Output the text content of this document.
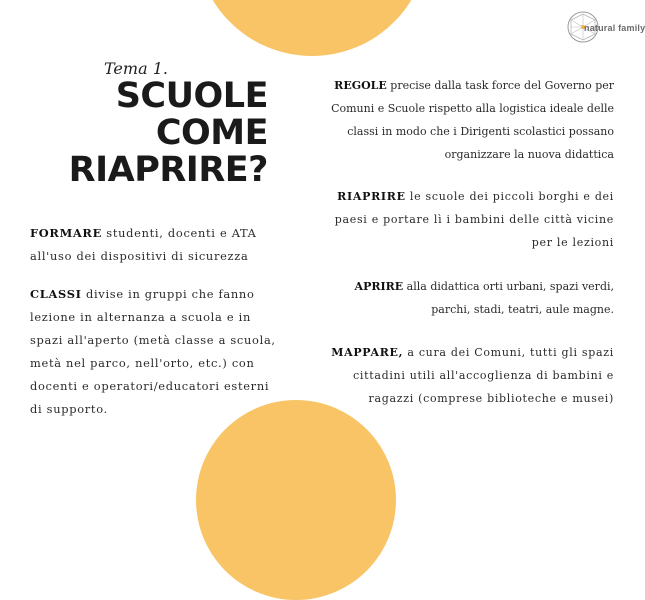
natural family
Tema 1.
SCUOLE
COME
RIAPRIRE?
FORMARE studenti, docenti e ATA all'uso dei dispositivi di sicurezza
CLASSI divise in gruppi che fanno lezione in alternanza a scuola e in spazi all'aperto (metà classe a scuola, metà nel parco, nell'orto, etc.) con docenti e operatori/educatori esterni di supporto.
REGOLE precise dalla task force del Governo per Comuni e Scuole rispetto alla logistica ideale delle classi in modo che i Dirigenti scolastici possano organizzare la nuova didattica
RIAPRIRE le scuole dei piccoli borghi e dei paesi e portare lì i bambini delle città vicine per le lezioni
APRIRE alla didattica orti urbani, spazi verdi, parchi, stadi, teatri, aule magne.
MAPPARE, a cura dei Comuni, tutti gli spazi cittadini utili all'accoglienza di bambini e ragazzi (comprese biblioteche e musei)
